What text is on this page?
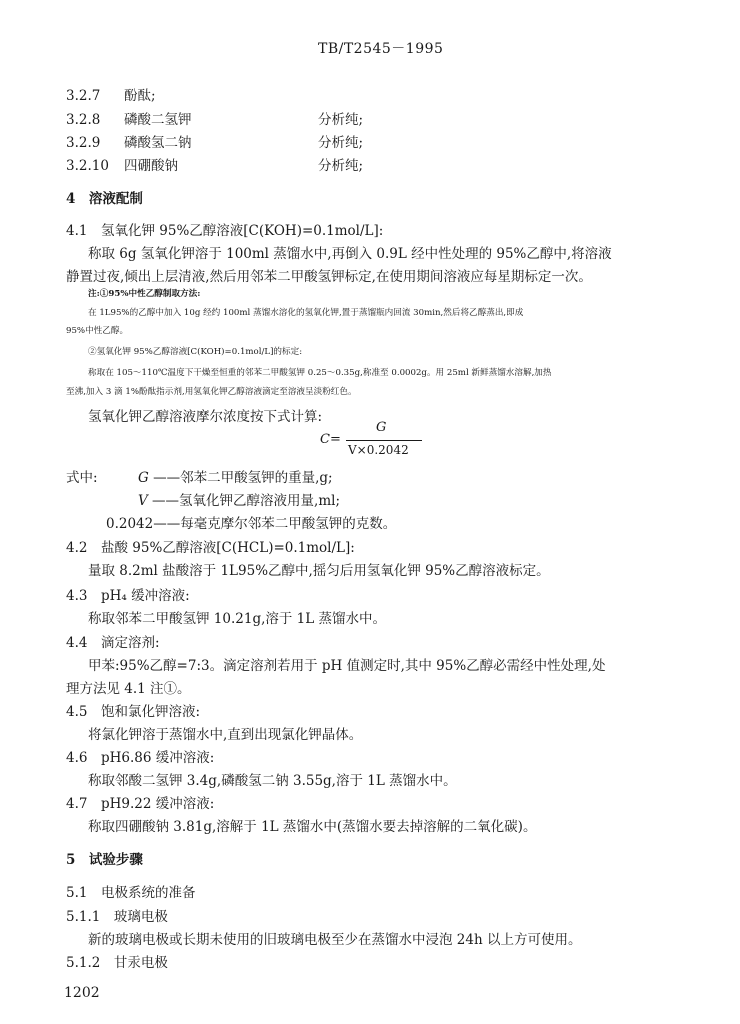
TB/T2545－1995
3.2.7 酚酞;
3.2.8 磷酸二氢钾	分析纯;
3.2.9 磷酸氢二钠	分析纯;
3.2.10 四硼酸钠	分析纯;
4　溶液配制
4.1　氢氧化钾 95%乙醇溶液[C(KOH)=0.1mol/L]:
称取 6g 氢氧化钾溶于 100ml 蒸馏水中,再倒入 0.9L 经中性处理的 95%乙醇中,将溶液
静置过夜,倾出上层清液,然后用邻苯二甲酸氢钾标定,在使用期间溶液应每星期标定一次。
注:①95%中性乙醇制取方法:
在 1L95%的乙醇中加入 10g 经约 100ml 蒸馏水溶化的氢氧化钾,置于蒸馏瓶内回流 30min,然后将乙醇蒸出,即成
95%中性乙醇。
②氢氧化钾 95%乙醇溶液[C(KOH)=0.1mol/L]的标定:
称取在 105～110℃温度下干燥至恒重的邻苯二甲酸氢钾 0.25～0.35g,称准至 0.0002g。用 25ml 新鲜蒸馏水溶解,加热
至沸,加入 3 滴 1%酚酞指示剂,用氢氧化钾乙醇溶液滴定至溶液呈淡粉红色。
氢氧化钾乙醇溶液摩尔浓度按下式计算:
C=
G
V×0.2042
式中:	G ——邻苯二甲酸氢钾的重量,g;
V ——氢氧化钾乙醇溶液用量,ml;
0.2042——每毫克摩尔邻苯二甲酸氢钾的克数。
4.2　盐酸 95%乙醇溶液[C(HCL)=0.1mol/L]:
量取 8.2ml 盐酸溶于 1L95%乙醇中,摇匀后用氢氧化钾 95%乙醇溶液标定。
4.3　pH₄ 缓冲溶液:
称取邻苯二甲酸氢钾 10.21g,溶于 1L 蒸馏水中。
4.4　滴定溶剂:
甲苯:95%乙醇=7:3。滴定溶剂若用于 pH 值测定时,其中 95%乙醇必需经中性处理,处
理方法见 4.1 注①。
4.5　饱和氯化钾溶液:
将氯化钾溶于蒸馏水中,直到出现氯化钾晶体。
4.6　pH6.86 缓冲溶液:
称取邻酸二氢钾 3.4g,磷酸氢二钠 3.55g,溶于 1L 蒸馏水中。
4.7　pH9.22 缓冲溶液:
称取四硼酸钠 3.81g,溶解于 1L 蒸馏水中(蒸馏水要去掉溶解的二氧化碳)。
5　试验步骤
5.1　电极系统的准备
5.1.1　玻璃电极
新的玻璃电极或长期未使用的旧玻璃电极至少在蒸馏水中浸泡 24h 以上方可使用。
5.1.2　甘汞电极
1202
